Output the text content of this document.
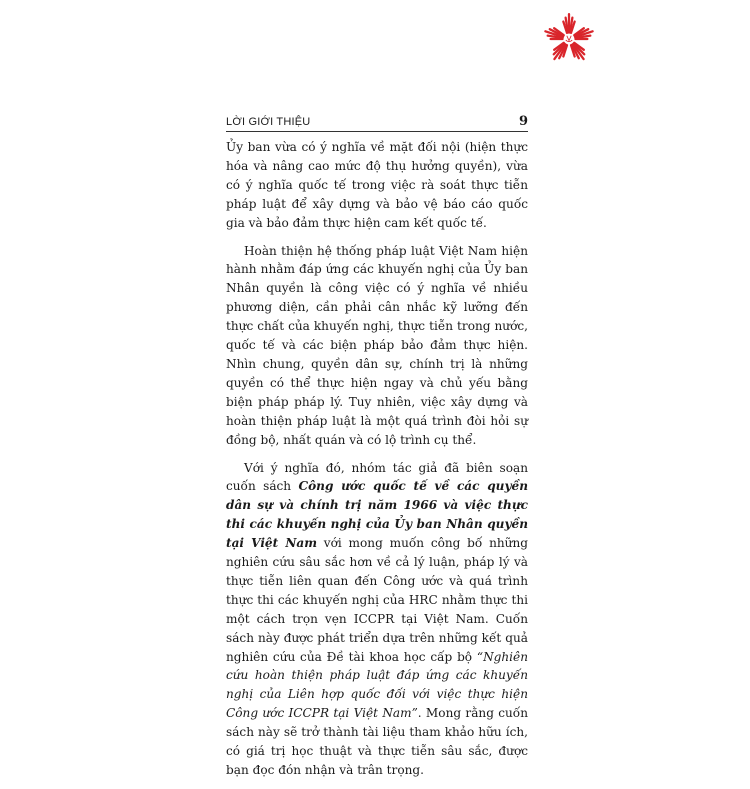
LỜI GIỚI THIỆU	9

Ủy ban vừa có ý nghĩa về mặt đối nội (hiện thực hóa và nâng cao mức độ thụ hưởng quyền), vừa có ý nghĩa quốc tế trong việc rà soát thực tiễn pháp luật để xây dựng và bảo vệ báo cáo quốc gia và bảo đảm thực hiện cam kết quốc tế.

Hoàn thiện hệ thống pháp luật Việt Nam hiện hành nhằm đáp ứng các khuyến nghị của Ủy ban Nhân quyền là công việc có ý nghĩa về nhiều phương diện, cần phải cân nhắc kỹ lưỡng đến thực chất của khuyến nghị, thực tiễn trong nước, quốc tế và các biện pháp bảo đảm thực hiện. Nhìn chung, quyền dân sự, chính trị là những quyền có thể thực hiện ngay và chủ yếu bằng biện pháp pháp lý. Tuy nhiên, việc xây dựng và hoàn thiện pháp luật là một quá trình đòi hỏi sự đồng bộ, nhất quán và có lộ trình cụ thể.

Với ý nghĩa đó, nhóm tác giả đã biên soạn cuốn sách Công ước quốc tế về các quyền dân sự và chính trị năm 1966 và việc thực thi các khuyến nghị của Ủy ban Nhân quyền tại Việt Nam với mong muốn công bố những nghiên cứu sâu sắc hơn về cả lý luận, pháp lý và thực tiễn liên quan đến Công ước và quá trình thực thi các khuyến nghị của HRC nhằm thực thi một cách trọn vẹn ICCPR tại Việt Nam. Cuốn sách này được phát triển dựa trên những kết quả nghiên cứu của Đề tài khoa học cấp bộ “Nghiên cứu hoàn thiện pháp luật đáp ứng các khuyến nghị của Liên hợp quốc đối với việc thực hiện Công ước ICCPR tại Việt Nam”. Mong rằng cuốn sách này sẽ trở thành tài liệu tham khảo hữu ích, có giá trị học thuật và thực tiễn sâu sắc, được bạn đọc đón nhận và trân trọng.
